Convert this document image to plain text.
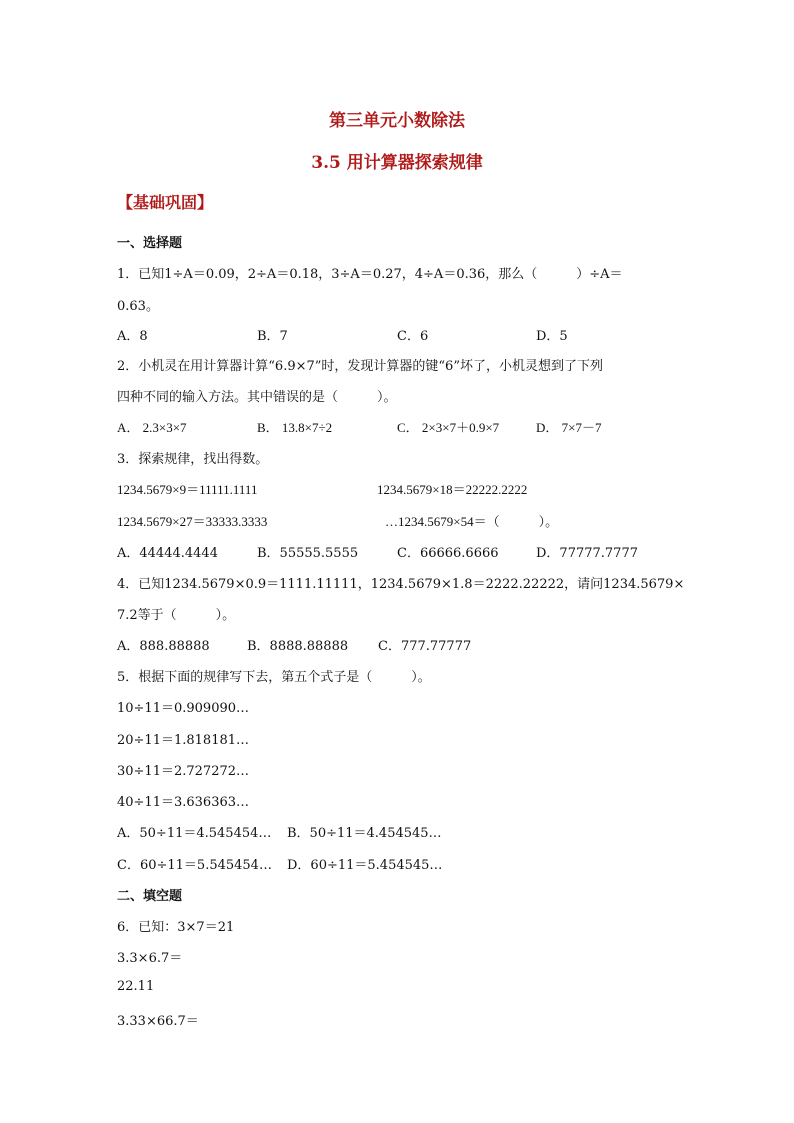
第三单元小数除法
3.5 用计算器探索规律
【基础巩固】
一、选择题
1．已知1÷A＝0.09，2÷A＝0.18，3÷A＝0.27，4÷A＝0.36，那么（　　　）÷A＝
0.63。
A．8	B．7	C．6	D．5
2．小机灵在用计算器计算“6.9×7”时，发现计算器的键“6”坏了，小机灵想到了下列
四种不同的输入方法。其中错误的是（　　　）。
A． 2.3×3×7	B． 13.8×7÷2	C． 2×3×7＋0.9×7	D． 7×7－7
3．探索规律，找出得数。
1234.5679×9＝11111.1111	1234.5679×18＝22222.2222
1234.5679×27＝33333.3333	…1234.5679×54＝（　　　）。
A．44444.4444	B．55555.5555	C．66666.6666	D．77777.7777
4．已知1234.5679×0.9＝1111.11111，1234.5679×1.8＝2222.22222，请问1234.5679×
7.2等于（　　　）。
A．888.88888	B．8888.88888 C．777.77777
5．根据下面的规律写下去，第五个式子是（　　　）。
10÷11＝0.909090…
20÷11＝1.818181…
30÷11＝2.727272…
40÷11＝3.636363…
A．50÷11＝4.545454… B．50÷11＝4.454545…
C．60÷11＝5.545454… D．60÷11＝5.454545…
二、填空题
6．已知：3×7＝21
3.3×6.7＝
22.11
3.33×66.7＝
